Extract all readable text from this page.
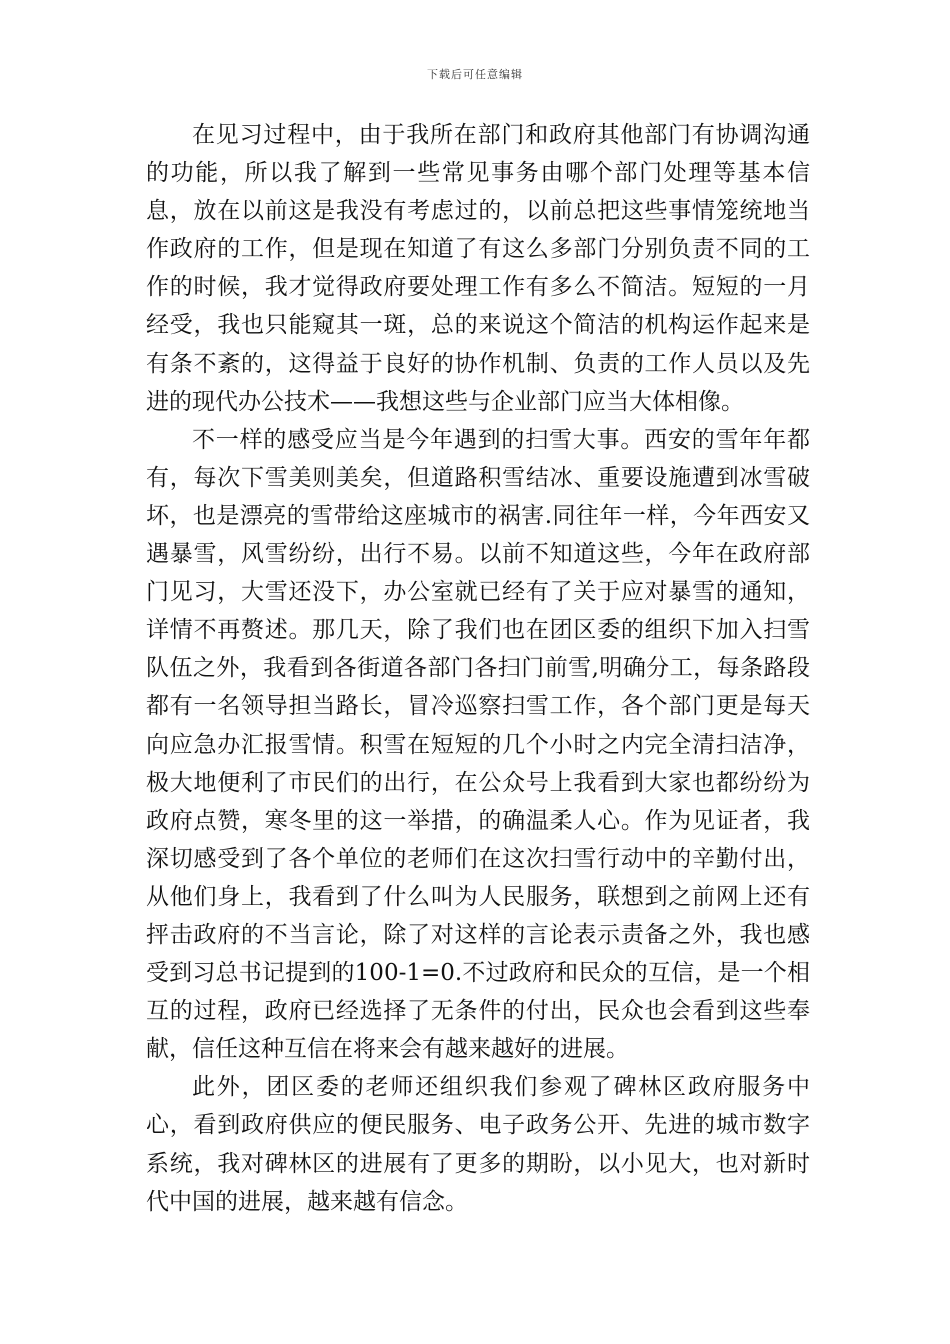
下载后可任意编辑

在见习过程中，由于我所在部门和政府其他部门有协调沟通的功能，所以我了解到一些常见事务由哪个部门处理等基本信息，放在以前这是我没有考虑过的，以前总把这些事情笼统地当作政府的工作，但是现在知道了有这么多部门分别负责不同的工作的时候，我才觉得政府要处理工作有多么不简洁。短短的一月经受，我也只能窥其一斑，总的来说这个简洁的机构运作起来是有条不紊的，这得益于良好的协作机制、负责的工作人员以及先进的现代办公技术——我想这些与企业部门应当大体相像。

不一样的感受应当是今年遇到的扫雪大事。西安的雪年年都有，每次下雪美则美矣，但道路积雪结冰、重要设施遭到冰雪破坏，也是漂亮的雪带给这座城市的祸害.同往年一样，今年西安又遇暴雪，风雪纷纷，出行不易。以前不知道这些，今年在政府部门见习，大雪还没下，办公室就已经有了关于应对暴雪的通知，详情不再赘述。那几天，除了我们也在团区委的组织下加入扫雪队伍之外，我看到各街道各部门各扫门前雪,明确分工，每条路段都有一名领导担当路长，冒冷巡察扫雪工作，各个部门更是每天向应急办汇报雪情。积雪在短短的几个小时之内完全清扫洁净，极大地便利了市民们的出行，在公众号上我看到大家也都纷纷为政府点赞，寒冬里的这一举措，的确温柔人心。作为见证者，我深切感受到了各个单位的老师们在这次扫雪行动中的辛勤付出，从他们身上，我看到了什么叫为人民服务，联想到之前网上还有抨击政府的不当言论，除了对这样的言论表示责备之外，我也感受到习总书记提到的100-1=0.不过政府和民众的互信，是一个相互的过程，政府已经选择了无条件的付出，民众也会看到这些奉献，信任这种互信在将来会有越来越好的进展。

此外，团区委的老师还组织我们参观了碑林区政府服务中心，看到政府供应的便民服务、电子政务公开、先进的城市数字系统，我对碑林区的进展有了更多的期盼，以小见大，也对新时代中国的进展，越来越有信念。
